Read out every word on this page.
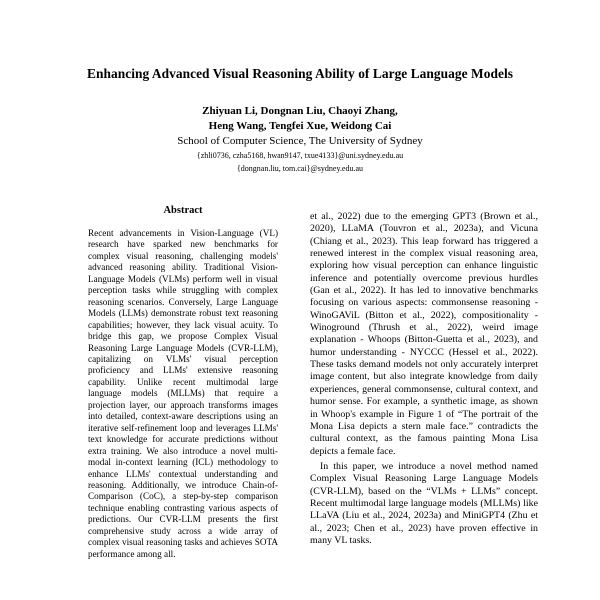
Enhancing Advanced Visual Reasoning Ability of Large Language Models
Zhiyuan Li, Dongnan Liu, Chaoyi Zhang,
Heng Wang, Tengfei Xue, Weidong Cai
School of Computer Science, The University of Sydney
{zhli0736, czha5168, hwan9147, txue4133}@uni.sydney.edu.au
{dongnan.liu, tom.cai}@sydney.edu.au
Abstract

Recent advancements in Vision-Language (VL) research have sparked new benchmarks for complex visual reasoning, challenging models' advanced reasoning ability. Traditional Vision-Language Models (VLMs) perform well in visual perception tasks while struggling with complex reasoning scenarios. Conversely, Large Language Models (LLMs) demonstrate robust text reasoning capabilities; however, they lack visual acuity. To bridge this gap, we propose Complex Visual Reasoning Large Language Models (CVR-LLM), capitalizing on VLMs' visual perception proficiency and LLMs' extensive reasoning capability. Unlike recent multimodal large language models (MLLMs) that require a projection layer, our approach transforms images into detailed, context-aware descriptions using an iterative self-refinement loop and leverages LLMs' text knowledge for accurate predictions without extra training. We also introduce a novel multi-modal in-context learning (ICL) methodology to enhance LLMs' contextual understanding and reasoning. Additionally, we introduce Chain-of-Comparison (CoC), a step-by-step comparison technique enabling contrasting various aspects of predictions. Our CVR-LLM presents the first comprehensive study across a wide array of complex visual reasoning tasks and achieves SOTA performance among all.

et al., 2022) due to the emerging GPT3 (Brown et al., 2020), LLaMA (Touvron et al., 2023a), and Vicuna (Chiang et al., 2023). This leap forward has triggered a renewed interest in the complex visual reasoning area, exploring how visual perception can enhance linguistic inference and potentially overcome previous hurdles (Gan et al., 2022). It has led to innovative benchmarks focusing on various aspects: commonsense reasoning - WinoGAViL (Bitton et al., 2022), compositionality - Winoground (Thrush et al., 2022), weird image explanation - Whoops (Bitton-Guetta et al., 2023), and humor understanding - NYCCC (Hessel et al., 2022). These tasks demand models not only accurately interpret image content, but also integrate knowledge from daily experiences, general commonsense, cultural context, and humor sense. For example, a synthetic image, as shown in Whoop's example in Figure 1 of “The portrait of the Mona Lisa depicts a stern male face.” contradicts the cultural context, as the famous painting Mona Lisa depicts a female face.

In this paper, we introduce a novel method named Complex Visual Reasoning Large Language Models (CVR-LLM), based on the “VLMs + LLMs” concept. Recent multimodal large language models (MLLMs) like LLaVA (Liu et al., 2024, 2023a) and MiniGPT4 (Zhu et al., 2023; Chen et al., 2023) have proven effective in many VL tasks.
